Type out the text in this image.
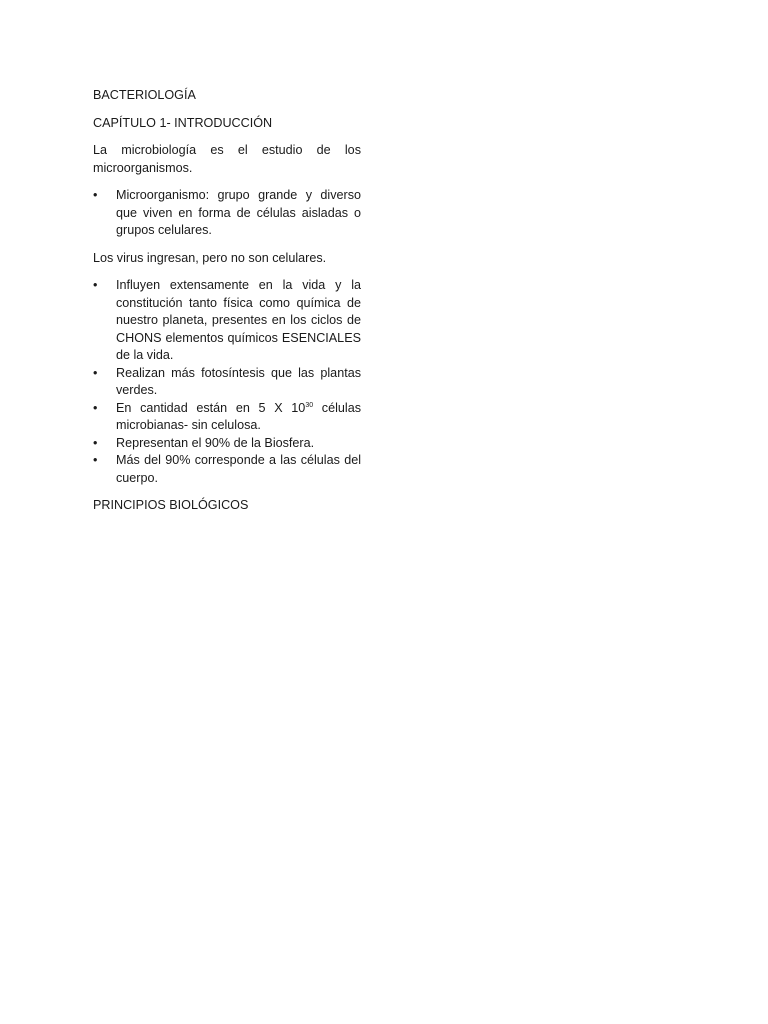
BACTERIOLOGÍA

CAPÍTULO 1- INTRODUCCIÓN

La microbiología es el estudio de los microorganismos.

•	Microorganismo: grupo grande y diverso que viven en forma de células aisladas o grupos celulares.

Los virus ingresan, pero no son celulares.

•	Influyen extensamente en la vida y la constitución tanto física como química de nuestro planeta, presentes en los ciclos de CHONS elementos químicos ESENCIALES de la vida.
•	Realizan más fotosíntesis que las plantas verdes.
•	En cantidad están en 5 X $10^{30}$ células microbianas- sin celulosa.
•	Representan el 90% de la Biosfera.
•	Más del 90% corresponde a las células del cuerpo.

PRINCIPIOS BIOLÓGICOS
